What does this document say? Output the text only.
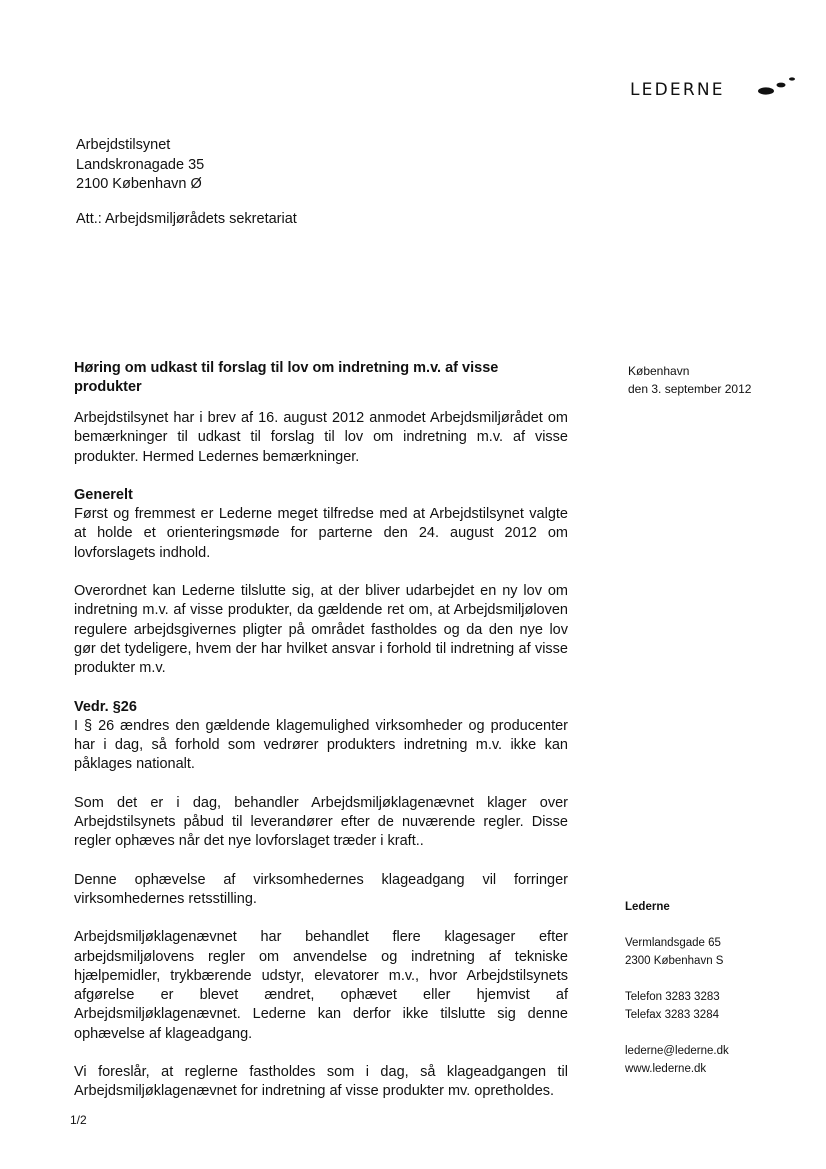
LEDERNE
Arbejdstilsynet
Landskronagade 35
2100 København Ø
Att.: Arbejdsmiljørådets sekretariat
København
den 3. september 2012
Høring om udkast til forslag til lov om indretning m.v. af visse produkter

Arbejdstilsynet har i brev af 16. august 2012 anmodet Arbejdsmiljørådet om bemærkninger til udkast til forslag til lov om indretning m.v. af visse produkter. Hermed Ledernes bemærkninger.

Generelt

Først og fremmest er Lederne meget tilfredse med at Arbejdstilsynet valgte at holde et orienteringsmøde for parterne den 24. august 2012 om lovforslagets indhold.

Overordnet kan Lederne tilslutte sig, at der bliver udarbejdet en ny lov om indretning m.v. af visse produkter, da gældende ret om, at Arbejdsmiljøloven regulere arbejdsgivernes pligter på området fastholdes og da den nye lov gør det tydeligere, hvem der har hvilket ansvar i forhold til indretning af visse produkter m.v.

Vedr. §26

I § 26 ændres den gældende klagemulighed virksomheder og producenter har i dag, så forhold som vedrører produkters indretning m.v. ikke kan påklages nationalt.

Som det er i dag, behandler Arbejdsmiljøklagenævnet klager over Arbejdstilsynets påbud til leverandører efter de nuværende regler. Disse regler ophæves når det nye lovforslaget træder i kraft..

Denne ophævelse af virksomhedernes klageadgang vil forringer virksomhedernes retsstilling.

Arbejdsmiljøklagenævnet har behandlet flere klagesager efter arbejdsmiljølovens regler om anvendelse og indretning af tekniske hjælpemidler, trykbærende udstyr, elevatorer m.v., hvor Arbejdstilsynets afgørelse er blevet ændret, ophævet eller hjemvist af Arbejdsmiljøklagenævnet. Lederne kan derfor ikke tilslutte sig denne ophævelse af klageadgang.

Vi foreslår, at reglerne fastholdes som i dag, så klageadgangen til Arbejdsmiljøklagenævnet for indretning af visse produkter mv. opretholdes.

Lederne
Vermlandsgade 65
2300 København S
Telefon 3283 3283
Telefax 3283 3284
lederne@lederne.dk
www.lederne.dk
1/2
